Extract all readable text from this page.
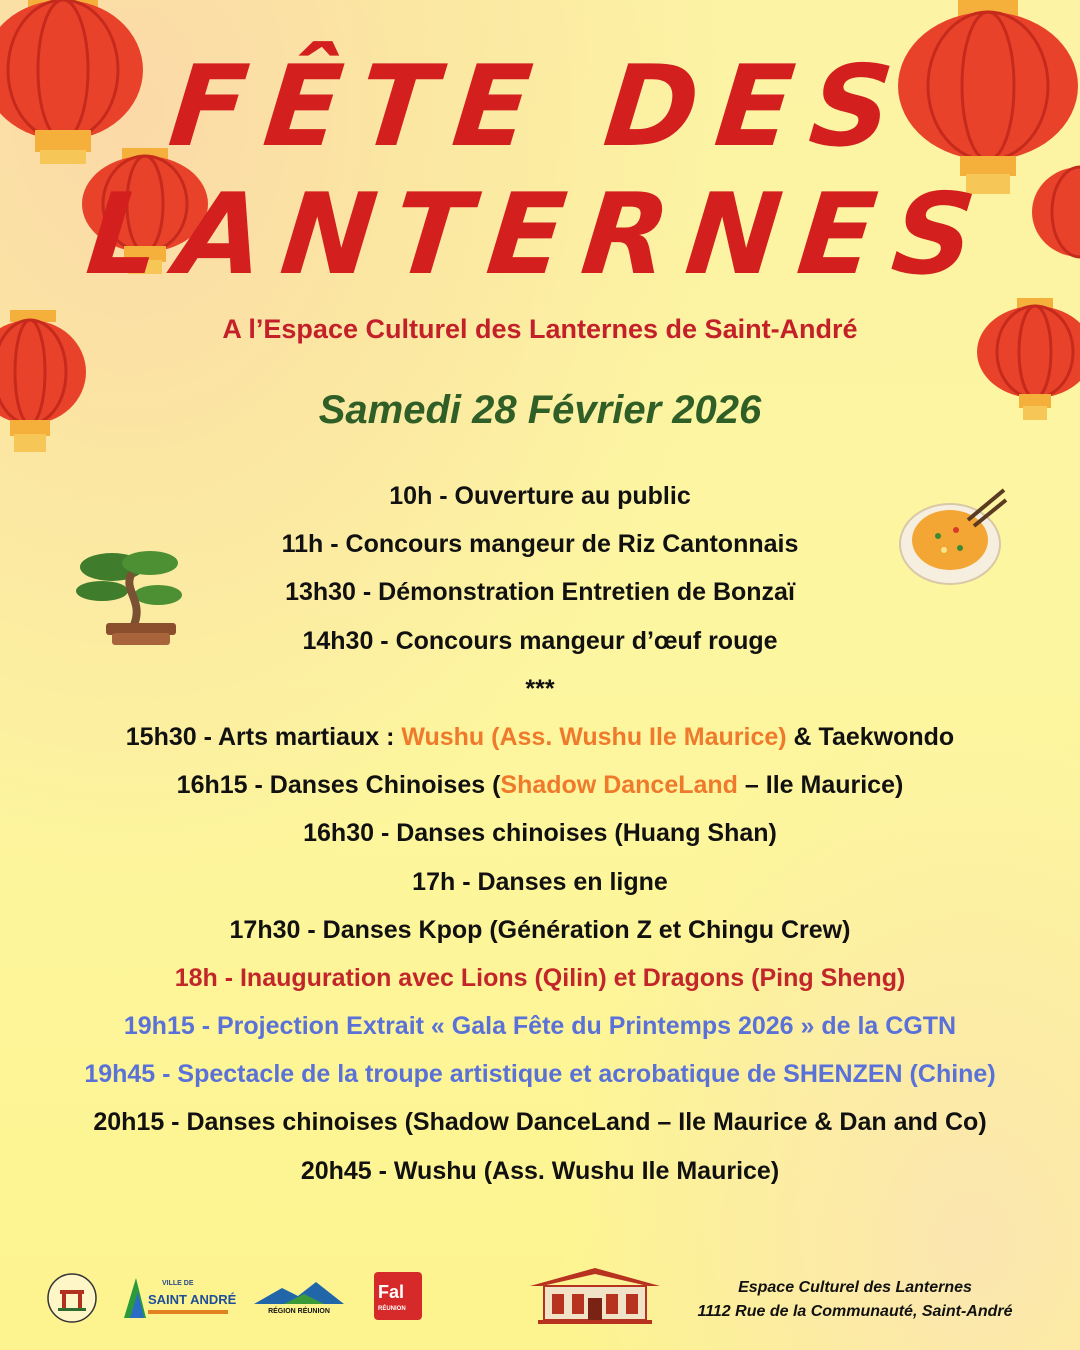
FÊTE DES
LANTERNES
A l’Espace Culturel des Lanternes de Saint-André
Samedi 28 Février 2026
10h - Ouverture au public
11h - Concours mangeur de Riz Cantonnais
13h30 - Démonstration Entretien de Bonzaï
14h30 - Concours mangeur d’œuf rouge
***
15h30 - Arts martiaux : Wushu (Ass. Wushu Ile Maurice) & Taekwondo
16h15 - Danses Chinoises (Shadow DanceLand – Ile Maurice)
16h30 - Danses chinoises (Huang Shan)
17h - Danses en ligne
17h30 - Danses Kpop (Génération Z et Chingu Crew)
18h - Inauguration avec Lions (Qilin) et Dragons (Ping Sheng)
19h15 - Projection Extrait « Gala Fête du Printemps 2026 » de la CGTN
19h45 - Spectacle de la troupe artistique et acrobatique de SHENZEN (Chine)
20h15 - Danses chinoises (Shadow DanceLand – Ile Maurice & Dan and Co)
20h45 - Wushu (Ass. Wushu Ile Maurice)
VILLE DE
SAINT ANDRÉ
RÉGION RÉUNION
Fal
RÉUNION
Espace Culturel des Lanternes
1112 Rue de la Communauté, Saint-André
